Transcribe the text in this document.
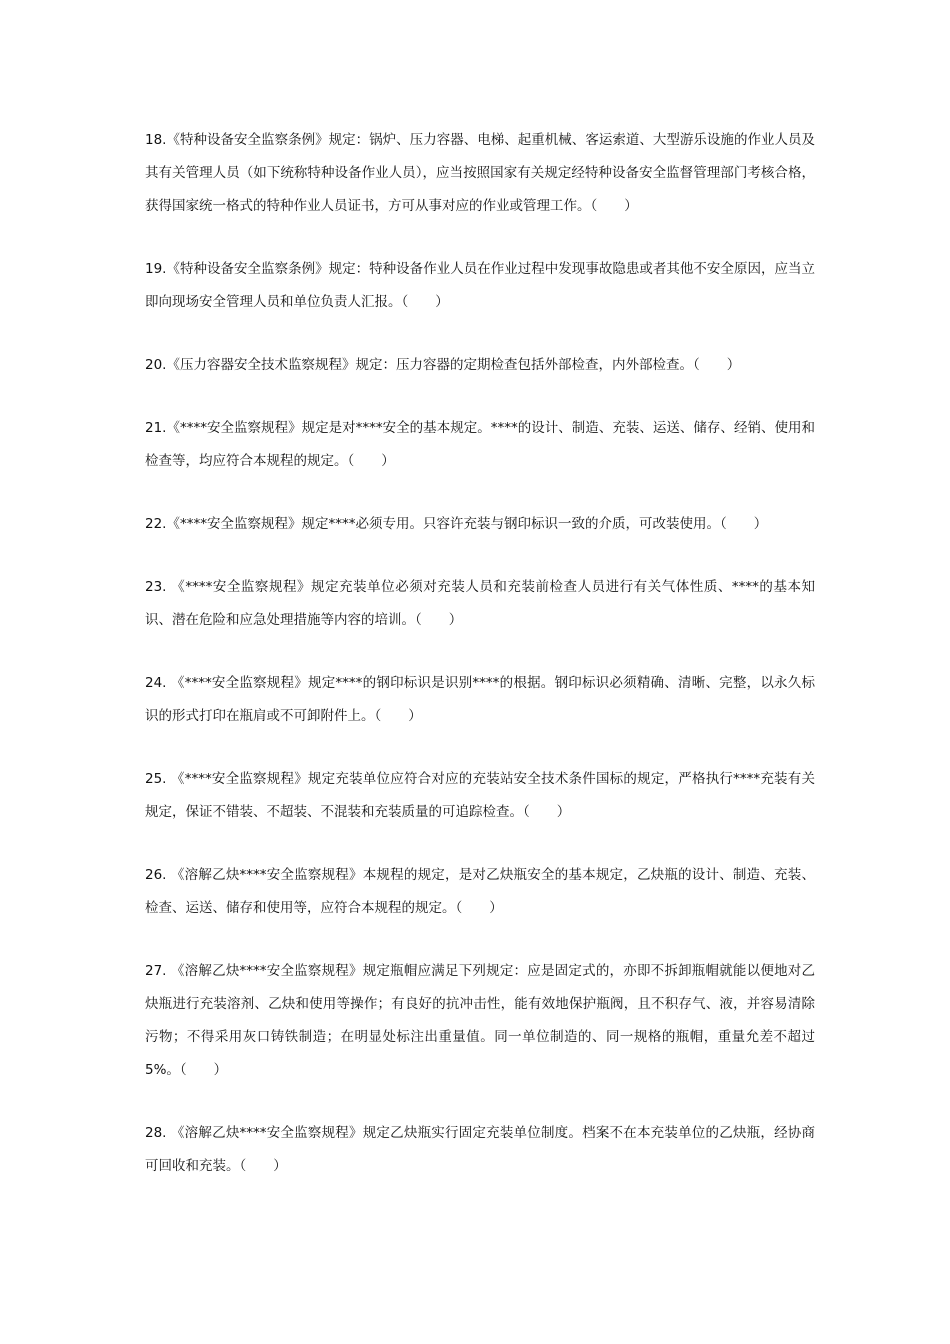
18.《特种设备安全监察条例》规定：锅炉、压力容器、电梯、起重机械、客运索道、大型游乐设施的作业人员及其有关管理人员（如下统称特种设备作业人员），应当按照国家有关规定经特种设备安全监督管理部门考核合格，获得国家统一格式的特种作业人员证书，方可从事对应的作业或管理工作。（　　）

19.《特种设备安全监察条例》规定：特种设备作业人员在作业过程中发现事故隐患或者其他不安全原因，应当立即向现场安全管理人员和单位负责人汇报。（　　）

20.《压力容器安全技术监察规程》规定：压力容器的定期检查包括外部检查，内外部检查。（　　）

21.《****安全监察规程》规定是对****安全的基本规定。****的设计、制造、充装、运送、储存、经销、使用和检查等，均应符合本规程的规定。（　　）

22.《****安全监察规程》规定****必须专用。只容许充装与钢印标识一致的介质，可改装使用。（　　）

23. 《****安全监察规程》规定充装单位必须对充装人员和充装前检查人员进行有关气体性质、****的基本知识、潜在危险和应急处理措施等内容的培训。（　　）

24. 《****安全监察规程》规定****的钢印标识是识别****的根据。钢印标识必须精确、清晰、完整，以永久标识的形式打印在瓶肩或不可卸附件上。（　　）

25. 《****安全监察规程》规定充装单位应符合对应的充装站安全技术条件国标的规定，严格执行****充装有关规定，保证不错装、不超装、不混装和充装质量的可追踪检查。（　　）

26. 《溶解乙炔****安全监察规程》本规程的规定，是对乙炔瓶安全的基本规定，乙炔瓶的设计、制造、充装、检查、运送、储存和使用等，应符合本规程的规定。（　　）

27. 《溶解乙炔****安全监察规程》规定瓶帽应满足下列规定：应是固定式的，亦即不拆卸瓶帽就能以便地对乙炔瓶进行充装溶剂、乙炔和使用等操作；有良好的抗冲击性，能有效地保护瓶阀，且不积存气、液，并容易清除污物；不得采用灰口铸铁制造；在明显处标注出重量值。同一单位制造的、同一规格的瓶帽，重量允差不超过 5%。（　　）

28. 《溶解乙炔****安全监察规程》规定乙炔瓶实行固定充装单位制度。档案不在本充装单位的乙炔瓶，经协商可回收和充装。（　　）
